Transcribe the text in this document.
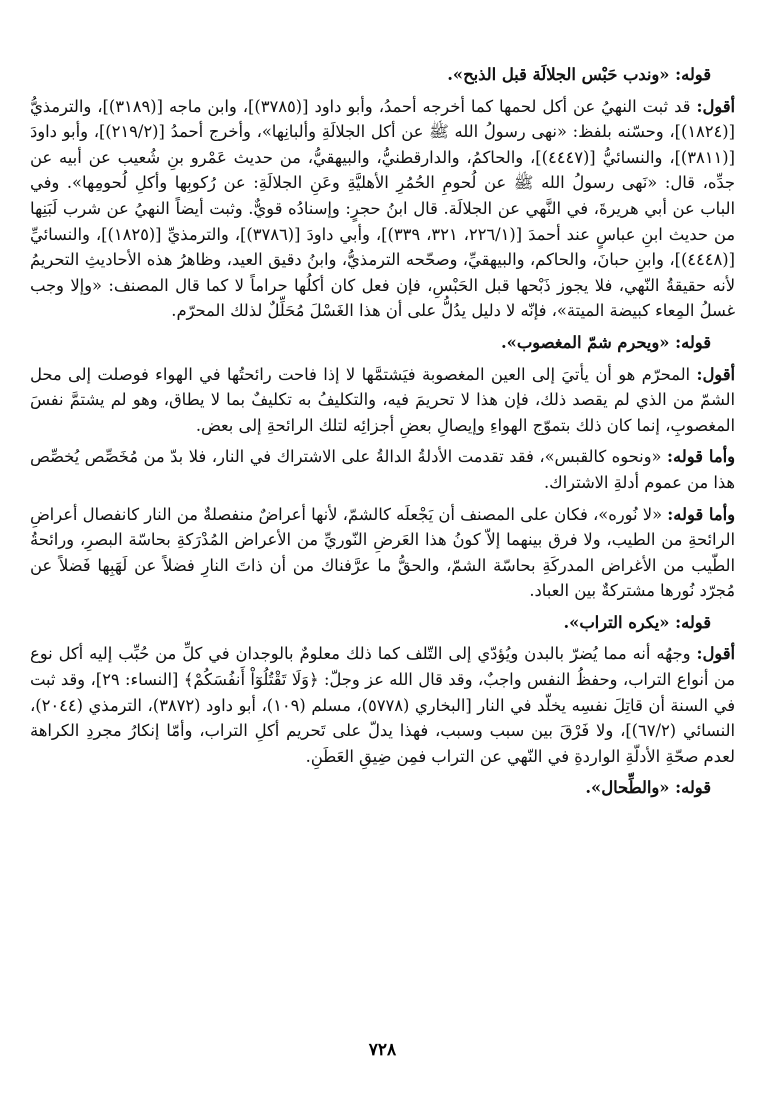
قوله: «وندب حَبْس الجلالَة قبل الذبح».

أقول: قد ثبت النهيُ عن أكل لحمها كما أخرجه أحمدُ، وأبو داود [(٣٧٨٥)]، وابن ماجه [(٣١٨٩)]، والترمذيُّ [(١٨٢٤)]، وحسّنه بلفظ: «نهى رسولُ الله ﷺ عن أكل الجلالَةِ وألبانِها»، وأخرج أحمدُ [(٢١٩/٢)]، وأبو داودَ [(٣٨١١)]، والنسائيُّ [(٤٤٤٧)]، والحاكمُ، والدارقطنيُّ، والبيهقيُّ، من حديث عَمْرو بنِ شُعيب عن أبيه عن جدِّه، قال: «نَهى رسولُ الله ﷺ عن لُحومِ الحُمُرِ الأهليَّةِ وعَنِ الجلالَةِ: عن رُكوبِها وأكلِ لُحومِها». وفي الباب عن أبي هريرةَ، في النَّهي عن الجلالَة. قال ابنُ حجرٍ: وإسنادُه قويٌّ. وثبت أيضاً النهيُ عن شرب لَبَنِها من حديث ابنِ عباسٍ عند أحمدَ [(٢٢٦/١، ٣٢١، ٣٣٩)]، وأبي داودَ [(٣٧٨٦)]، والترمذيِّ [(١٨٢٥)]، والنسائيِّ [(٤٤٤٨)]، وابنِ حبانَ، والحاكم، والبيهقيِّ، وصحّحه الترمذيُّ، وابنُ دقيق العيد، وظاهرُ هذه الأحاديثِ التحريمُ لأنه حقيقةُ النّهي، فلا يجوز ذَبْحها قبل الحَبْسِ، فإن فعل كان أكلُها حراماً لا كما قال المصنف: «وإلا وجب غسلُ المِعاء كبيضة الميتة»، فإنّه لا دليل يدُلُّ على أن هذا الغَسْلَ مُحَلِّلٌ لذلك المحرّم.

قوله: «ويحرم شمّ المغصوب».

أقول: المحرّم هو أن يأتيَ إلى العين المغصوبة فيَشتمَّها لا إذا فاحت رائحتُها في الهواء فوصلت إلى محل الشمّ من الذي لم يقصد ذلك، فإن هذا لا تحريمَ فيه، والتكليفُ به تكليفٌ بما لا يطاق، وهو لم يشتمَّ نفسَ المغصوبِ، إنما كان ذلك بتموّج الهواءِ وإيصالِ بعضِ أجزائِه لتلك الرائحةِ إلى بعض.

وأما قوله: «ونحوه كالقبس»، فقد تقدمت الأدلةُ الدالةُ على الاشتراك في النار، فلا بدّ من مُخَصِّص يُخصِّص هذا من عموم أدلةِ الاشتراك.

وأما قوله: «لا نُوره»، فكان على المصنف أن يَجْعلَه كالشمّ، لأنها أعراضٌ منفصلةٌ من النار كانفصال أعراضِ الرائحةِ من الطيب، ولا فرق بينهما إلاّ كونُ هذا العَرضِ النّوريِّ من الأعراض المُدْرَكةِ بحاسّة البصرِ، ورائحةُ الطّيب من الأغراض المدركَةِ بحاسّة الشمّ، والحقُّ ما عرَّفناك من أن ذاتَ النارِ فضلاً عن لَهَبِها فَضلاً عن مُجرّد نُورها مشتركةٌ بين العباد.

قوله: «يكره التراب».

أقول: وجهُه أنه مما يُضرّ بالبدن ويُؤدّي إلى التّلف كما ذلك معلومٌ بالوجدان في كلِّ من حُبِّب إليه أكل نوع من أنواع التراب، وحفظُ النفس واجبٌ، وقد قال الله عز وجلّ: ﴿وَلَا تَقْتُلُوٓاْ أَنفُسَكُمْ﴾ [النساء: ٢٩]، وقد ثبت في السنة أن قاتِلَ نفسِه يخلّد في النار [البخاري (٥٧٧٨)، مسلم (١٠٩)، أبو داود (٣٨٧٢)، الترمذي (٢٠٤٤)، النسائي (٦٧/٢)]، ولا فَرْقَ بين سبب وسبب، فهذا يدلّ على تَحريم أكلِ التراب، وأمّا إنكارُ مجردِ الكراهة لعدم صحّةِ الأدلّةِ الواردةِ في النّهي عن التراب فمِن ضِيقِ العَطَنِ.

قوله: «والطِّحال».

٧٢٨
